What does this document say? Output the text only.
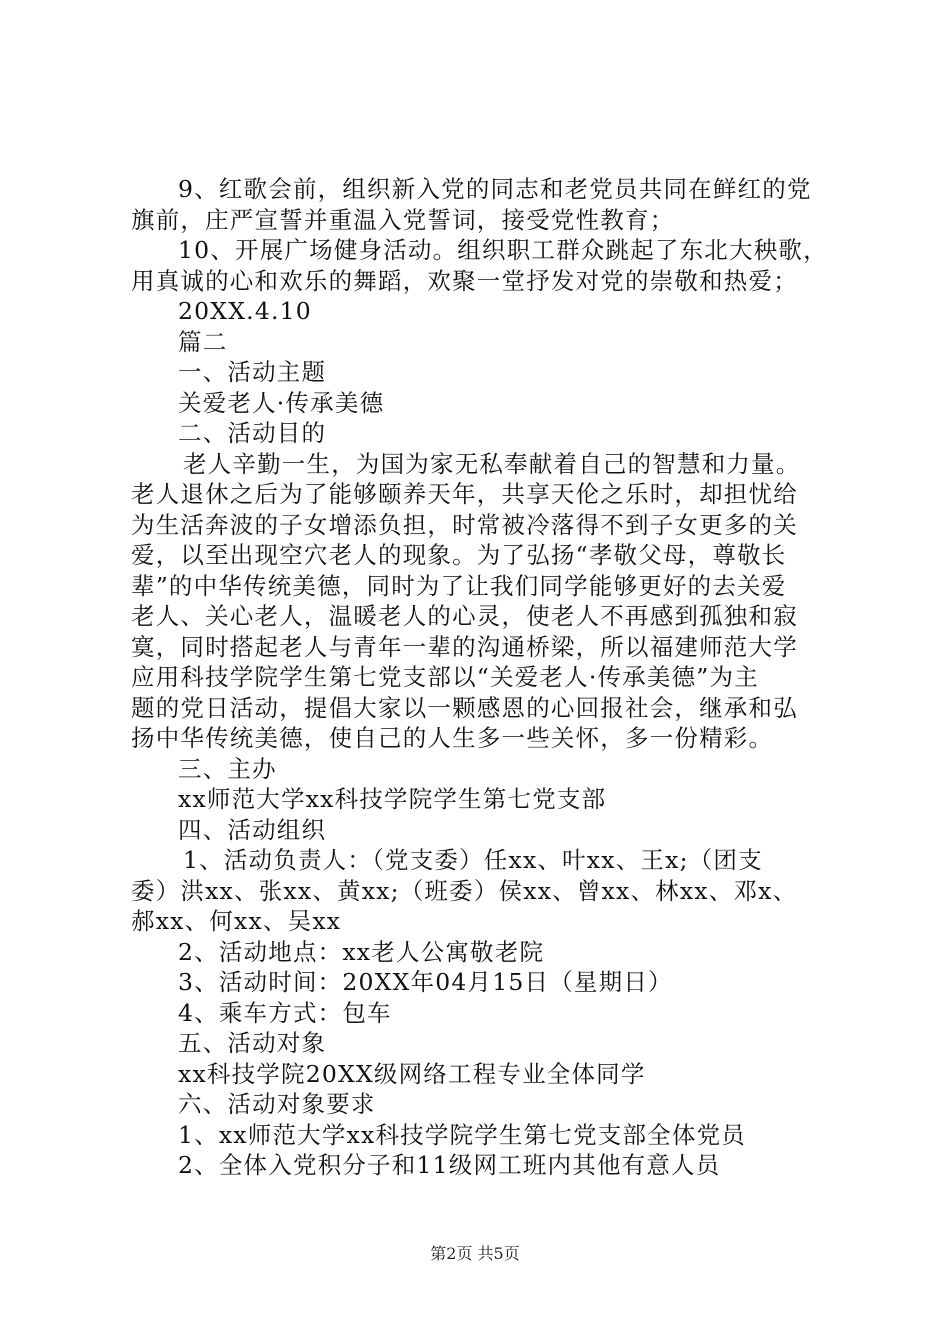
9、红歌会前，组织新入党的同志和老党员共同在鲜红的党
旗前，庄严宣誓并重温入党誓词，接受党性教育；
10、开展广场健身活动。组织职工群众跳起了东北大秧歌，
用真诚的心和欢乐的舞蹈，欢聚一堂抒发对党的崇敬和热爱；
20XX.4.10
篇二
一、活动主题
关爱老人·传承美德
二、活动目的
老人辛勤一生，为国为家无私奉献着自己的智慧和力量。
老人退休之后为了能够颐养天年，共享天伦之乐时，却担忧给
为生活奔波的子女增添负担，时常被冷落得不到子女更多的关
爱，以至出现空穴老人的现象。为了弘扬“孝敬父母，尊敬长
辈”的中华传统美德，同时为了让我们同学能够更好的去关爱
老人、关心老人，温暖老人的心灵，使老人不再感到孤独和寂
寞，同时搭起老人与青年一辈的沟通桥梁，所以福建师范大学
应用科技学院学生第七党支部以“关爱老人·传承美德”为主
题的党日活动，提倡大家以一颗感恩的心回报社会，继承和弘
扬中华传统美德，使自己的人生多一些关怀，多一份精彩。
三、主办
xx师范大学xx科技学院学生第七党支部
四、活动组织
1、活动负责人：（党支委）任xx、叶xx、王x;（团支
委）洪xx、张xx、黄xx;（班委）侯xx、曾xx、林xx、邓x、
郝xx、何xx、吴xx
2、活动地点：xx老人公寓敬老院
3、活动时间：20XX年04月15日（星期日）
4、乘车方式：包车
五、活动对象
xx科技学院20XX级网络工程专业全体同学
六、活动对象要求
1、xx师范大学xx科技学院学生第七党支部全体党员
2、全体入党积分子和11级网工班内其他有意人员
第2页 共5页
